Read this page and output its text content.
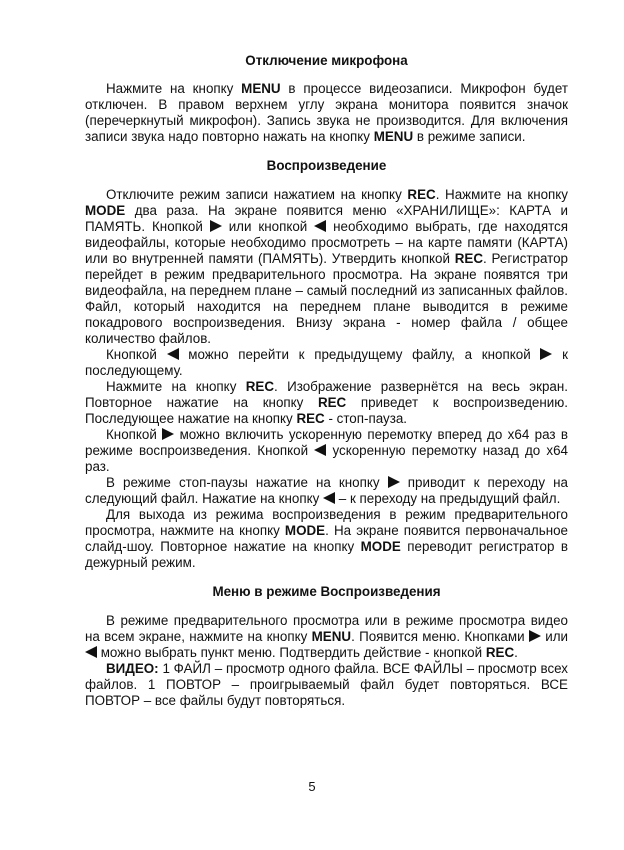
Отключение микрофона

Нажмите на кнопку MENU в процессе видеозаписи. Микрофон будет отключен. В правом верхнем углу экрана монитора появится значок (перечеркнутый микрофон). Запись звука не производится. Для включения записи звука надо повторно нажать на кнопку MENU в режиме записи.

Воспроизведение

Отключите режим записи нажатием на кнопку REC. Нажмите на кнопку MODE два раза. На экране появится меню «ХРАНИЛИЩЕ»: КАРТА и ПАМЯТЬ. Кнопкой  или кнопкой  необходимо выбрать, где находятся видеофайлы, которые необходимо просмотреть – на карте памяти (КАРТА) или во внутренней памяти (ПАМЯТЬ). Утвердить кнопкой REC. Регистратор перейдет в режим предварительного просмотра. На экране появятся три видеофайла, на переднем плане – самый последний из записанных файлов. Файл, который находится на переднем плане выводится в режиме покадрового воспроизведения. Внизу экрана - номер файла / общее количество файлов.

Кнопкой  можно перейти к предыдущему файлу, а кнопкой  к последующему.

Нажмите на кнопку REC. Изображение развернётся на весь экран. Повторное нажатие на кнопку REC приведет к воспроизведению. Последующее нажатие на кнопку REC - стоп-пауза.

Кнопкой  можно включить ускоренную перемотку вперед до x64 раз в режиме воспроизведения. Кнопкой  ускоренную перемотку назад до x64 раз.

В режиме стоп-паузы нажатие на кнопку  приводит к переходу на следующий файл. Нажатие на кнопку  – к переходу на предыдущий файл.

Для выхода из режима воспроизведения в режим предварительного просмотра, нажмите на кнопку MODE. На экране появится первоначальное слайд-шоу. Повторное нажатие на кнопку MODE переводит регистратор в дежурный режим.

Меню в режиме Воспроизведения

В режиме предварительного просмотра или в режиме просмотра видео на всем экране, нажмите на кнопку MENU. Появится меню. Кнопками  или можно выбрать пункт меню. Подтвердить действие - кнопкой REC.

ВИДЕО: 1 ФАЙЛ – просмотр одного файла. ВСЕ ФАЙЛЫ – просмотр всех файлов. 1 ПОВТОР – проигрываемый файл будет повторяться. ВСЕ ПОВТОР – все файлы будут повторяться.

5
